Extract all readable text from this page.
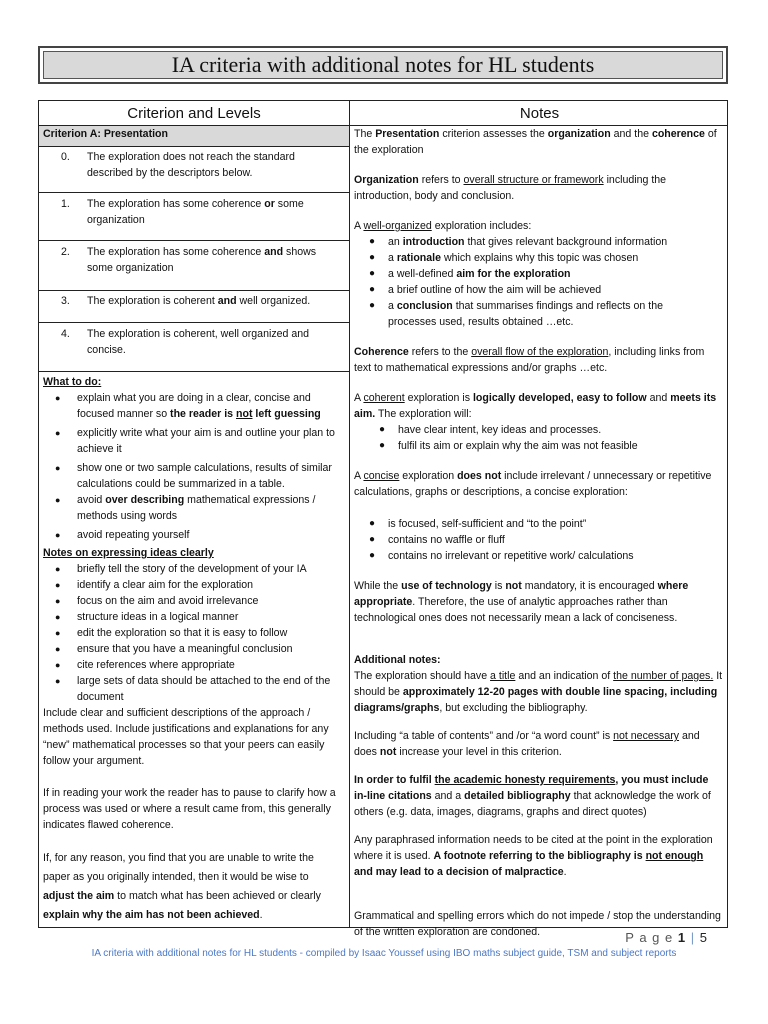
IA criteria with additional notes for HL students
Criterion and Levels	Notes
Criterion A: Presentation
0.	The exploration does not reach the standard described by the descriptors below.
1.	The exploration has some coherence or some organization
2.	The exploration has some coherence and shows some organization
3.	The exploration is coherent and well organized.
4.	The exploration is coherent, well organized and concise.
What to do:
●	explain what you are doing in a clear, concise and focused manner so the reader is not left guessing
●	explicitly write what your aim is and outline your plan to achieve it
●	show one or two sample calculations, results of similar calculations could be summarized in a table.
●	avoid over describing mathematical expressions / methods using words
●	avoid repeating yourself
Notes on expressing ideas clearly
●	briefly tell the story of the development of your IA
●	identify a clear aim for the exploration
●	focus on the aim and avoid irrelevance
●	structure ideas in a logical manner
●	edit the exploration so that it is easy to follow
●	ensure that you have a meaningful conclusion
●	cite references where appropriate
●	large sets of data should be attached to the end of the document
Include clear and sufficient descriptions of the approach / methods used. Include justifications and explanations for any “new” mathematical processes so that your peers can easily follow your argument.
If in reading your work the reader has to pause to clarify how a process was used or where a result came from, this generally indicates flawed coherence.
If, for any reason, you find that you are unable to write the paper as you originally intended, then it would be wise to adjust the aim to match what has been achieved or clearly explain why the aim has not been achieved.
The Presentation criterion assesses the organization and the coherence of the exploration
Organization refers to overall structure or framework including the introduction, body and conclusion.
A well-organized exploration includes:
●	an introduction that gives relevant background information
●	a rationale which explains why this topic was chosen
●	a well-defined aim for the exploration
●	a brief outline of how the aim will be achieved
●	a conclusion that summarises findings and reflects on the processes used, results obtained …etc.
Coherence refers to the overall flow of the exploration, including links from text to mathematical expressions and/or graphs …etc.
A coherent exploration is logically developed, easy to follow and meets its aim. The exploration will:
●	have clear intent, key ideas and processes.
●	fulfil its aim or explain why the aim was not feasible
A concise exploration does not include irrelevant / unnecessary or repetitive calculations, graphs or descriptions, a concise exploration:
●	is focused, self-sufficient and “to the point”
●	contains no waffle or fluff
●	contains no irrelevant or repetitive work/ calculations
While the use of technology is not mandatory, it is encouraged where appropriate. Therefore, the use of analytic approaches rather than technological ones does not necessarily mean a lack of conciseness.
Additional notes:
The exploration should have a title and an indication of the number of pages. It should be approximately 12-20 pages with double line spacing, including diagrams/graphs, but excluding the bibliography.
Including “a table of contents” and /or “a word count” is not necessary and does not increase your level in this criterion.
In order to fulfil the academic honesty requirements, you must include in-line citations and a detailed bibliography that acknowledge the work of others (e.g. data, images, diagrams, graphs and direct quotes)
Any paraphrased information needs to be cited at the point in the exploration where it is used. A footnote referring to the bibliography is not enough and may lead to a decision of malpractice.
Grammatical and spelling errors which do not impede / stop the understanding of the written exploration are condoned.	P a g e 1 | 5
IA criteria with additional notes for HL students - compiled by Isaac Youssef using IBO maths subject guide, TSM and subject reports
